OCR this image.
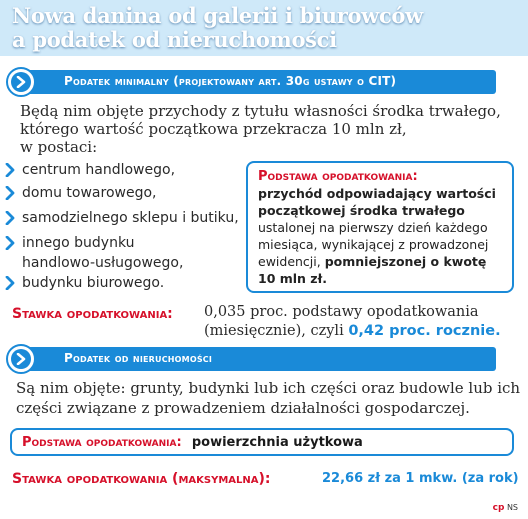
Nowa danina od galerii i biurowców
a podatek od nieruchomości
Podatek minimalny (projektowany art. 30g ustawy o CIT)
Będą nim objęte przychody z tytułu własności środka trwałego,
którego wartość początkowa przekracza 10 mln zł,
w postaci:
centrum handlowego,
domu towarowego,
samodzielnego sklepu i butiku,
innego budynku
handlowo-usługowego,
budynku biurowego.
Podstawa opodatkowania:
przychód odpowiadający wartości
początkowej środka trwałego
ustalonej na pierwszy dzień każdego
miesiąca, wynikającej z prowadzonej
ewidencji, pomniejszonej o kwotę
10 mln zł.
Stawka opodatkowania: 0,035 proc. podstawy opodatkowania
(miesięcznie), czyli 0,42 proc. rocznie.
Podatek od nieruchomości
Są nim objęte: grunty, budynki lub ich części oraz budowle lub ich
części związane z prowadzeniem działalności gospodarczej.
Podstawa opodatkowania: powierzchnia użytkowa
Stawka opodatkowania (maksymalna):	22,66 zł za 1 mkw. (za rok)
cp NS
